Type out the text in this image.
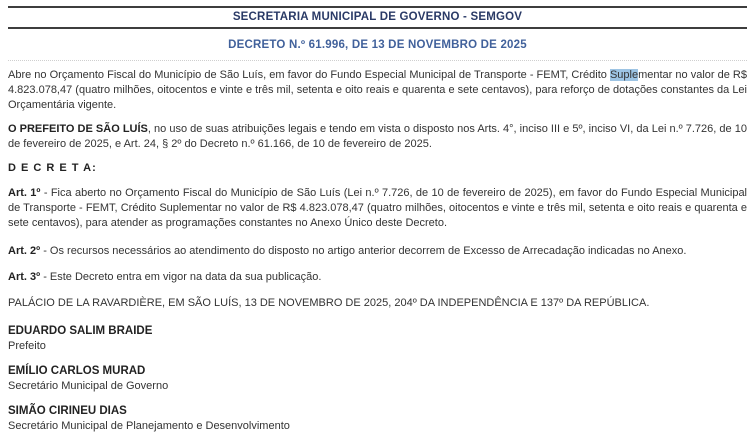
SECRETARIA MUNICIPAL DE GOVERNO - SEMGOV
DECRETO N.º 61.996, DE 13 DE NOVEMBRO DE 2025

Abre no Orçamento Fiscal do Município de São Luís, em favor do Fundo Especial Municipal de Transporte - FEMT, Crédito Suplementar no valor de R$ 4.823.078,47 (quatro milhões, oitocentos e vinte e três mil, setenta e oito reais e quarenta e sete centavos), para reforço de dotações constantes da Lei Orçamentária vigente.

O PREFEITO DE SÃO LUÍS, no uso de suas atribuições legais e tendo em vista o disposto nos Arts. 4°, inciso III e 5º, inciso VI, da Lei n.º 7.726, de 10 de fevereiro de 2025, e Art. 24, § 2º do Decreto n.º 61.166, de 10 de fevereiro de 2025.

D E C R E T A:

Art. 1º - Fica aberto no Orçamento Fiscal do Município de São Luís (Lei n.º 7.726, de 10 de fevereiro de 2025), em favor do Fundo Especial Municipal de Transporte - FEMT, Crédito Suplementar no valor de R$ 4.823.078,47 (quatro milhões, oitocentos e vinte e três mil, setenta e oito reais e quarenta e sete centavos), para atender as programações constantes no Anexo Único deste Decreto.

Art. 2º - Os recursos necessários ao atendimento do disposto no artigo anterior decorrem de Excesso de Arrecadação indicadas no Anexo.

Art. 3º - Este Decreto entra em vigor na data da sua publicação.

PALÁCIO DE LA RAVARDIÈRE, EM SÃO LUÍS, 13 DE NOVEMBRO DE 2025, 204º DA INDEPENDÊNCIA E 137º DA REPÚBLICA.

EDUARDO SALIM BRAIDE

Prefeito

EMÍLIO CARLOS MURAD

Secretário Municipal de Governo

SIMÃO CIRINEU DIAS

Secretário Municipal de Planejamento e Desenvolvimento
